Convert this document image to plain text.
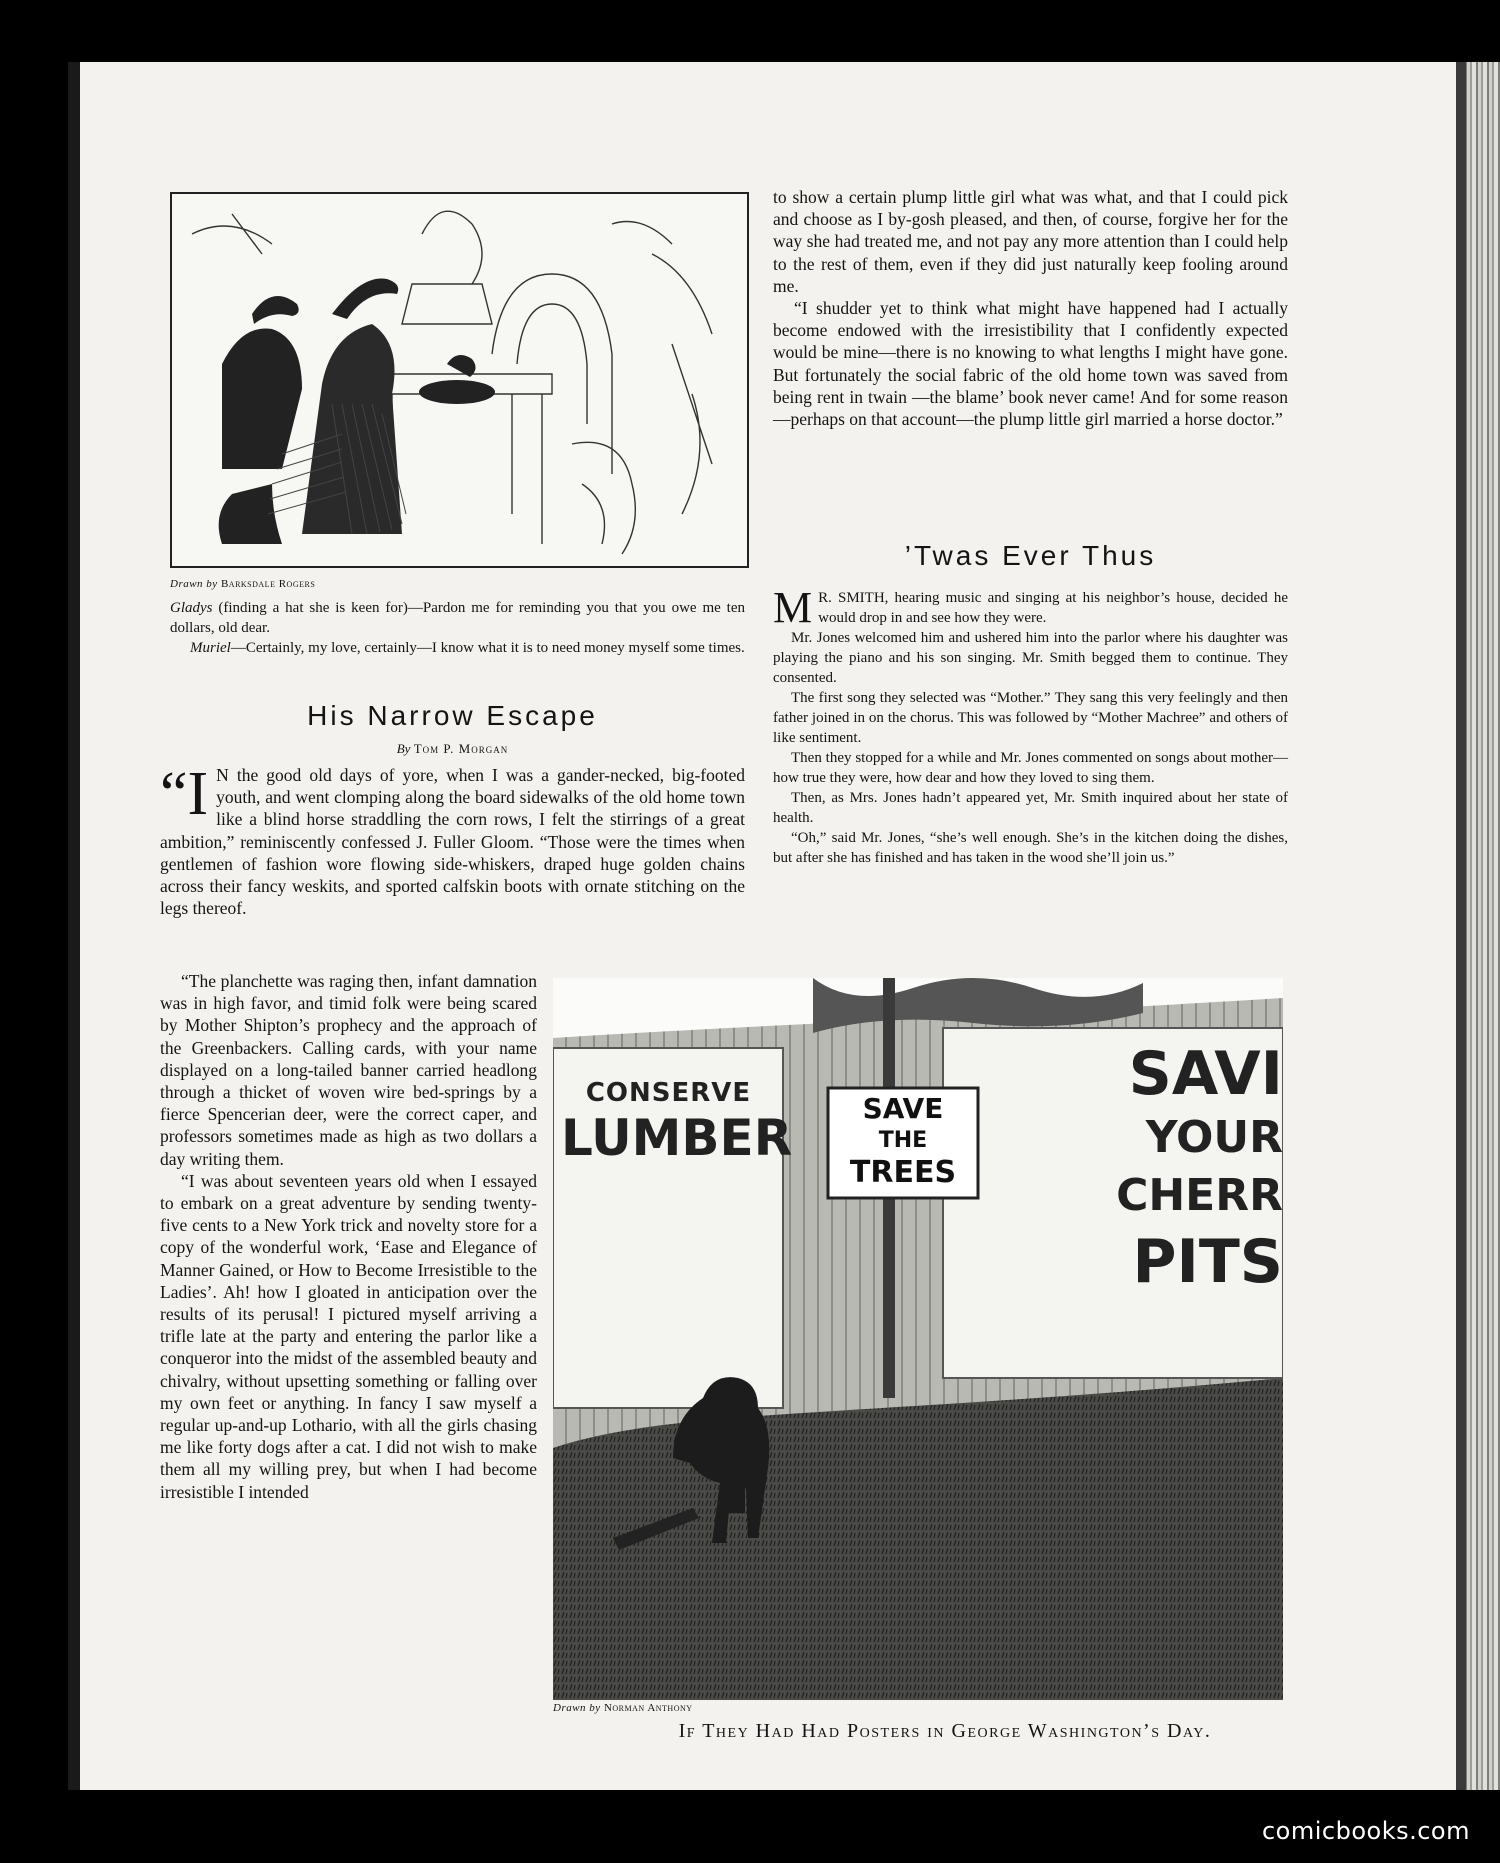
Drawn by Barksdale Rogers

Gladys (finding a hat she is keen for)—Pardon me for reminding you that you owe me ten dollars, old dear.

Muriel—Certainly, my love, certainly—I know what it is to need money myself some times.

His Narrow Escape
By Tom P. Morgan

“I N the good old days of yore, when I was a gander-necked, big-footed youth, and went clomping along the board sidewalks of the old home town like a blind horse straddling the corn rows, I felt the stirrings of a great ambition,” reminiscently confessed J. Fuller Gloom. “Those were the times when gentlemen of fashion wore flowing side-whiskers, draped huge golden chains across their fancy weskits, and sported calfskin boots with ornate stitching on the legs thereof.

“The planchette was raging then, infant damnation was in high favor, and timid folk were being scared by Mother Shipton’s prophecy and the approach of the Greenbackers. Calling cards, with your name displayed on a long-tailed banner carried headlong through a thicket of woven wire bed-springs by a fierce Spencerian deer, were the correct caper, and professors sometimes made as high as two dollars a day writing them.

“I was about seventeen years old when I essayed to embark on a great adventure by sending twenty-five cents to a New York trick and novelty store for a copy of the wonderful work, ‘Ease and Elegance of Manner Gained, or How to Become Irresistible to the Ladies’. Ah! how I gloated in anticipation over the results of its perusal! I pictured myself arriving a trifle late at the party and entering the parlor like a conqueror into the midst of the assembled beauty and chivalry, without upsetting something or falling over my own feet or anything. In fancy I saw myself a regular up-and-up Lothario, with all the girls chasing me like forty dogs after a cat. I did not wish to make them all my willing prey, but when I had become irresistible I intended

to show a certain plump little girl what was what, and that I could pick and choose as I by-gosh pleased, and then, of course, forgive her for the way she had treated me, and not pay any more attention than I could help to the rest of them, even if they did just naturally keep fooling around me.

“I shudder yet to think what might have happened had I actually become endowed with the irresistibility that I confidently expected would be mine—there is no knowing to what lengths I might have gone. But fortunately the social fabric of the old home town was saved from being rent in twain —the blame’ book never came! And for some reason—perhaps on that account—the plump little girl married a horse doctor.”

’Twas Ever Thus

M R. SMITH, hearing music and singing at his neighbor’s house, decided he would drop in and see how they were.

Mr. Jones welcomed him and ushered him into the parlor where his daughter was playing the piano and his son singing. Mr. Smith begged them to continue. They consented.

The first song they selected was “Mother.” They sang this very feelingly and then father joined in on the chorus. This was followed by “Mother Machree” and others of like sentiment.

Then they stopped for a while and Mr. Jones commented on songs about mother—how true they were, how dear and how they loved to sing them.

Then, as Mrs. Jones hadn’t appeared yet, Mr. Smith inquired about her state of health.

“Oh,” said Mr. Jones, “she’s well enough. She’s in the kitchen doing the dishes, but after she has finished and has taken in the wood she’ll join us.”

CONSERVE
LUMBER
SAVE
THE
TREES
SAVI
YOUR
CHERR
PITS
Drawn by Norman Anthony
If They Had Had Posters in George Washington’s Day.
comicbooks.com
